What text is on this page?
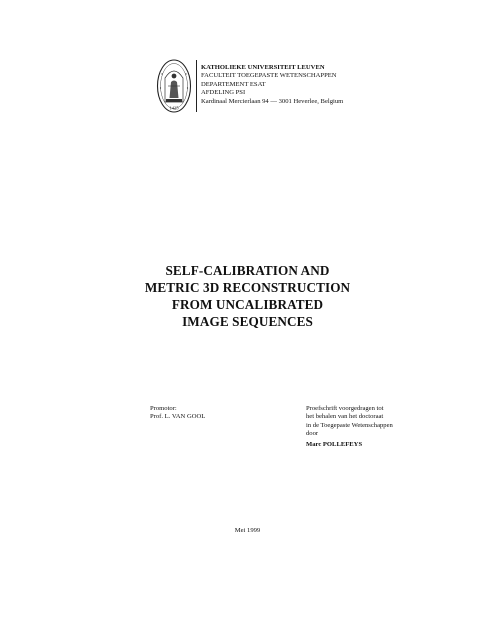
1425
KATHOLIEKE UNIVERSITEIT LEUVEN
FACULTEIT TOEGEPASTE WETENSCHAPPEN
DEPARTEMENT ESAT
AFDELING PSI
Kardinaal Mercierlaan 94 — 3001 Heverlee, Belgium
SELF-CALIBRATION AND
METRIC 3D RECONSTRUCTION
FROM UNCALIBRATED
IMAGE SEQUENCES
Promotor:
Prof. L. VAN GOOL
Proefschrift voorgedragen tot
het behalen van het doctoraat
in de Toegepaste Wetenschappen
door
Marc POLLEFEYS
Mei 1999
